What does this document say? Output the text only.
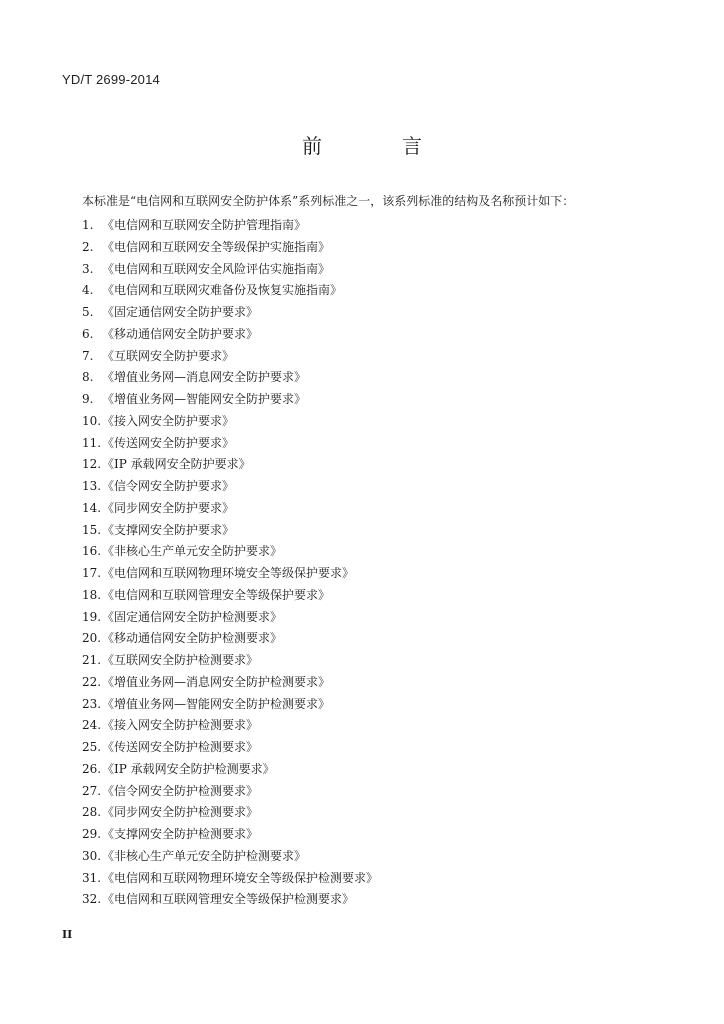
YD/T 2699-2014
前　言
本标准是“电信网和互联网安全防护体系”系列标准之一，该系列标准的结构及名称预计如下：
1. 《电信网和互联网安全防护管理指南》
2. 《电信网和互联网安全等级保护实施指南》
3. 《电信网和互联网安全风险评估实施指南》
4. 《电信网和互联网灾难备份及恢复实施指南》
5. 《固定通信网安全防护要求》
6. 《移动通信网安全防护要求》
7. 《互联网安全防护要求》
8. 《增值业务网—消息网安全防护要求》
9. 《增值业务网—智能网安全防护要求》
10. 《接入网安全防护要求》
11. 《传送网安全防护要求》
12. 《IP 承载网安全防护要求》
13. 《信令网安全防护要求》
14. 《同步网安全防护要求》
15. 《支撑网安全防护要求》
16. 《非核心生产单元安全防护要求》
17. 《电信网和互联网物理环境安全等级保护要求》
18. 《电信网和互联网管理安全等级保护要求》
19. 《固定通信网安全防护检测要求》
20. 《移动通信网安全防护检测要求》
21. 《互联网安全防护检测要求》
22. 《增值业务网—消息网安全防护检测要求》
23. 《增值业务网—智能网安全防护检测要求》
24. 《接入网安全防护检测要求》
25. 《传送网安全防护检测要求》
26. 《IP 承载网安全防护检测要求》
27. 《信令网安全防护检测要求》
28. 《同步网安全防护检测要求》
29. 《支撑网安全防护检测要求》
30. 《非核心生产单元安全防护检测要求》
31. 《电信网和互联网物理环境安全等级保护检测要求》
32. 《电信网和互联网管理安全等级保护检测要求》
II
